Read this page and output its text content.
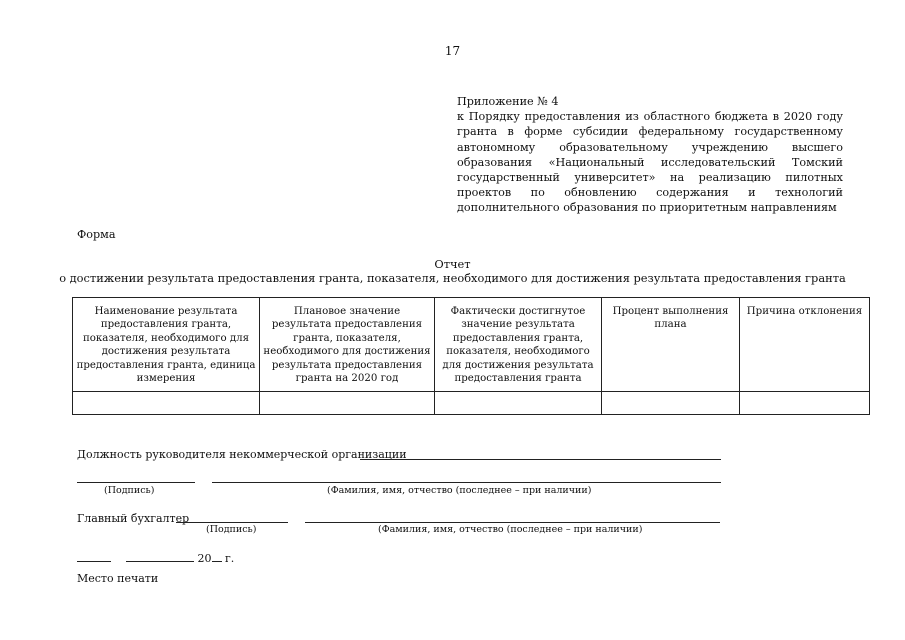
17
Приложение № 4
к Порядку предоставления из областного бюджета в 2020 году гранта в форме субсидии федеральному государственному автономному образовательному учреждению высшего образования «Национальный исследовательский Томский государственный университет» на реализацию пилотных проектов по обновлению содержания и технологий дополнительного образования по приоритетным направлениям
Форма
Отчет
о достижении результата предоставления гранта, показателя, необходимого для достижения результата предоставления гранта
Наименование результата предоставления гранта, показателя, необходимого для достижения результата предоставления гранта, единица измерения	Плановое значение результата предоставления гранта, показателя, необходимого для достижения результата предоставления гранта на 2020 год	Фактически достигнутое значение результата предоставления гранта, показателя, необходимого для достижения результата предоставления гранта	Процент выполнения плана	Причина отклонения

Должность руководителя некоммерческой организации
(Подпись)	(Фамилия, имя, отчество (последнее – при наличии)
Главный бухгалтер
(Подпись)	(Фамилия, имя, отчество (последнее – при наличии)
20 г.
Место печати
